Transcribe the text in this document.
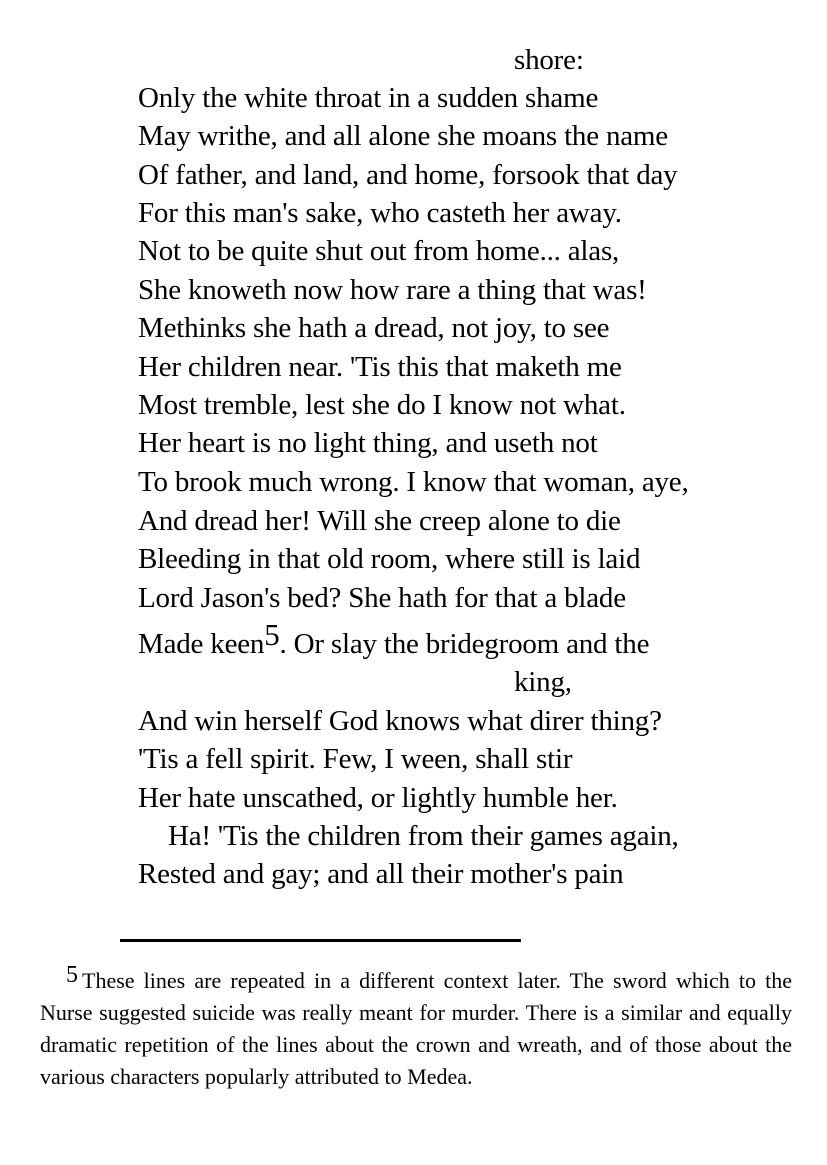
shore:
Only the white throat in a sudden shame
May writhe, and all alone she moans the name
Of father, and land, and home, forsook that day
For this man's sake, who casteth her away.
Not to be quite shut out from home... alas,
She knoweth now how rare a thing that was!
Methinks she hath a dread, not joy, to see
Her children near. 'Tis this that maketh me
Most tremble, lest she do I know not what.
Her heart is no light thing, and useth not
To brook much wrong. I know that woman, aye,
And dread her! Will she creep alone to die
Bleeding in that old room, where still is laid
Lord Jason's bed? She hath for that a blade
Made keen5. Or slay the bridegroom and the
king,
And win herself God knows what direr thing?
'Tis a fell spirit. Few, I ween, shall stir
Her hate unscathed, or lightly humble her.
Ha! 'Tis the children from their games again,
Rested and gay; and all their mother's pain
5 These lines are repeated in a different context later. The sword which to the Nurse suggested suicide was really meant for murder. There is a similar and equally dramatic repetition of the lines about the crown and wreath, and of those about the various characters popularly attributed to Medea.
